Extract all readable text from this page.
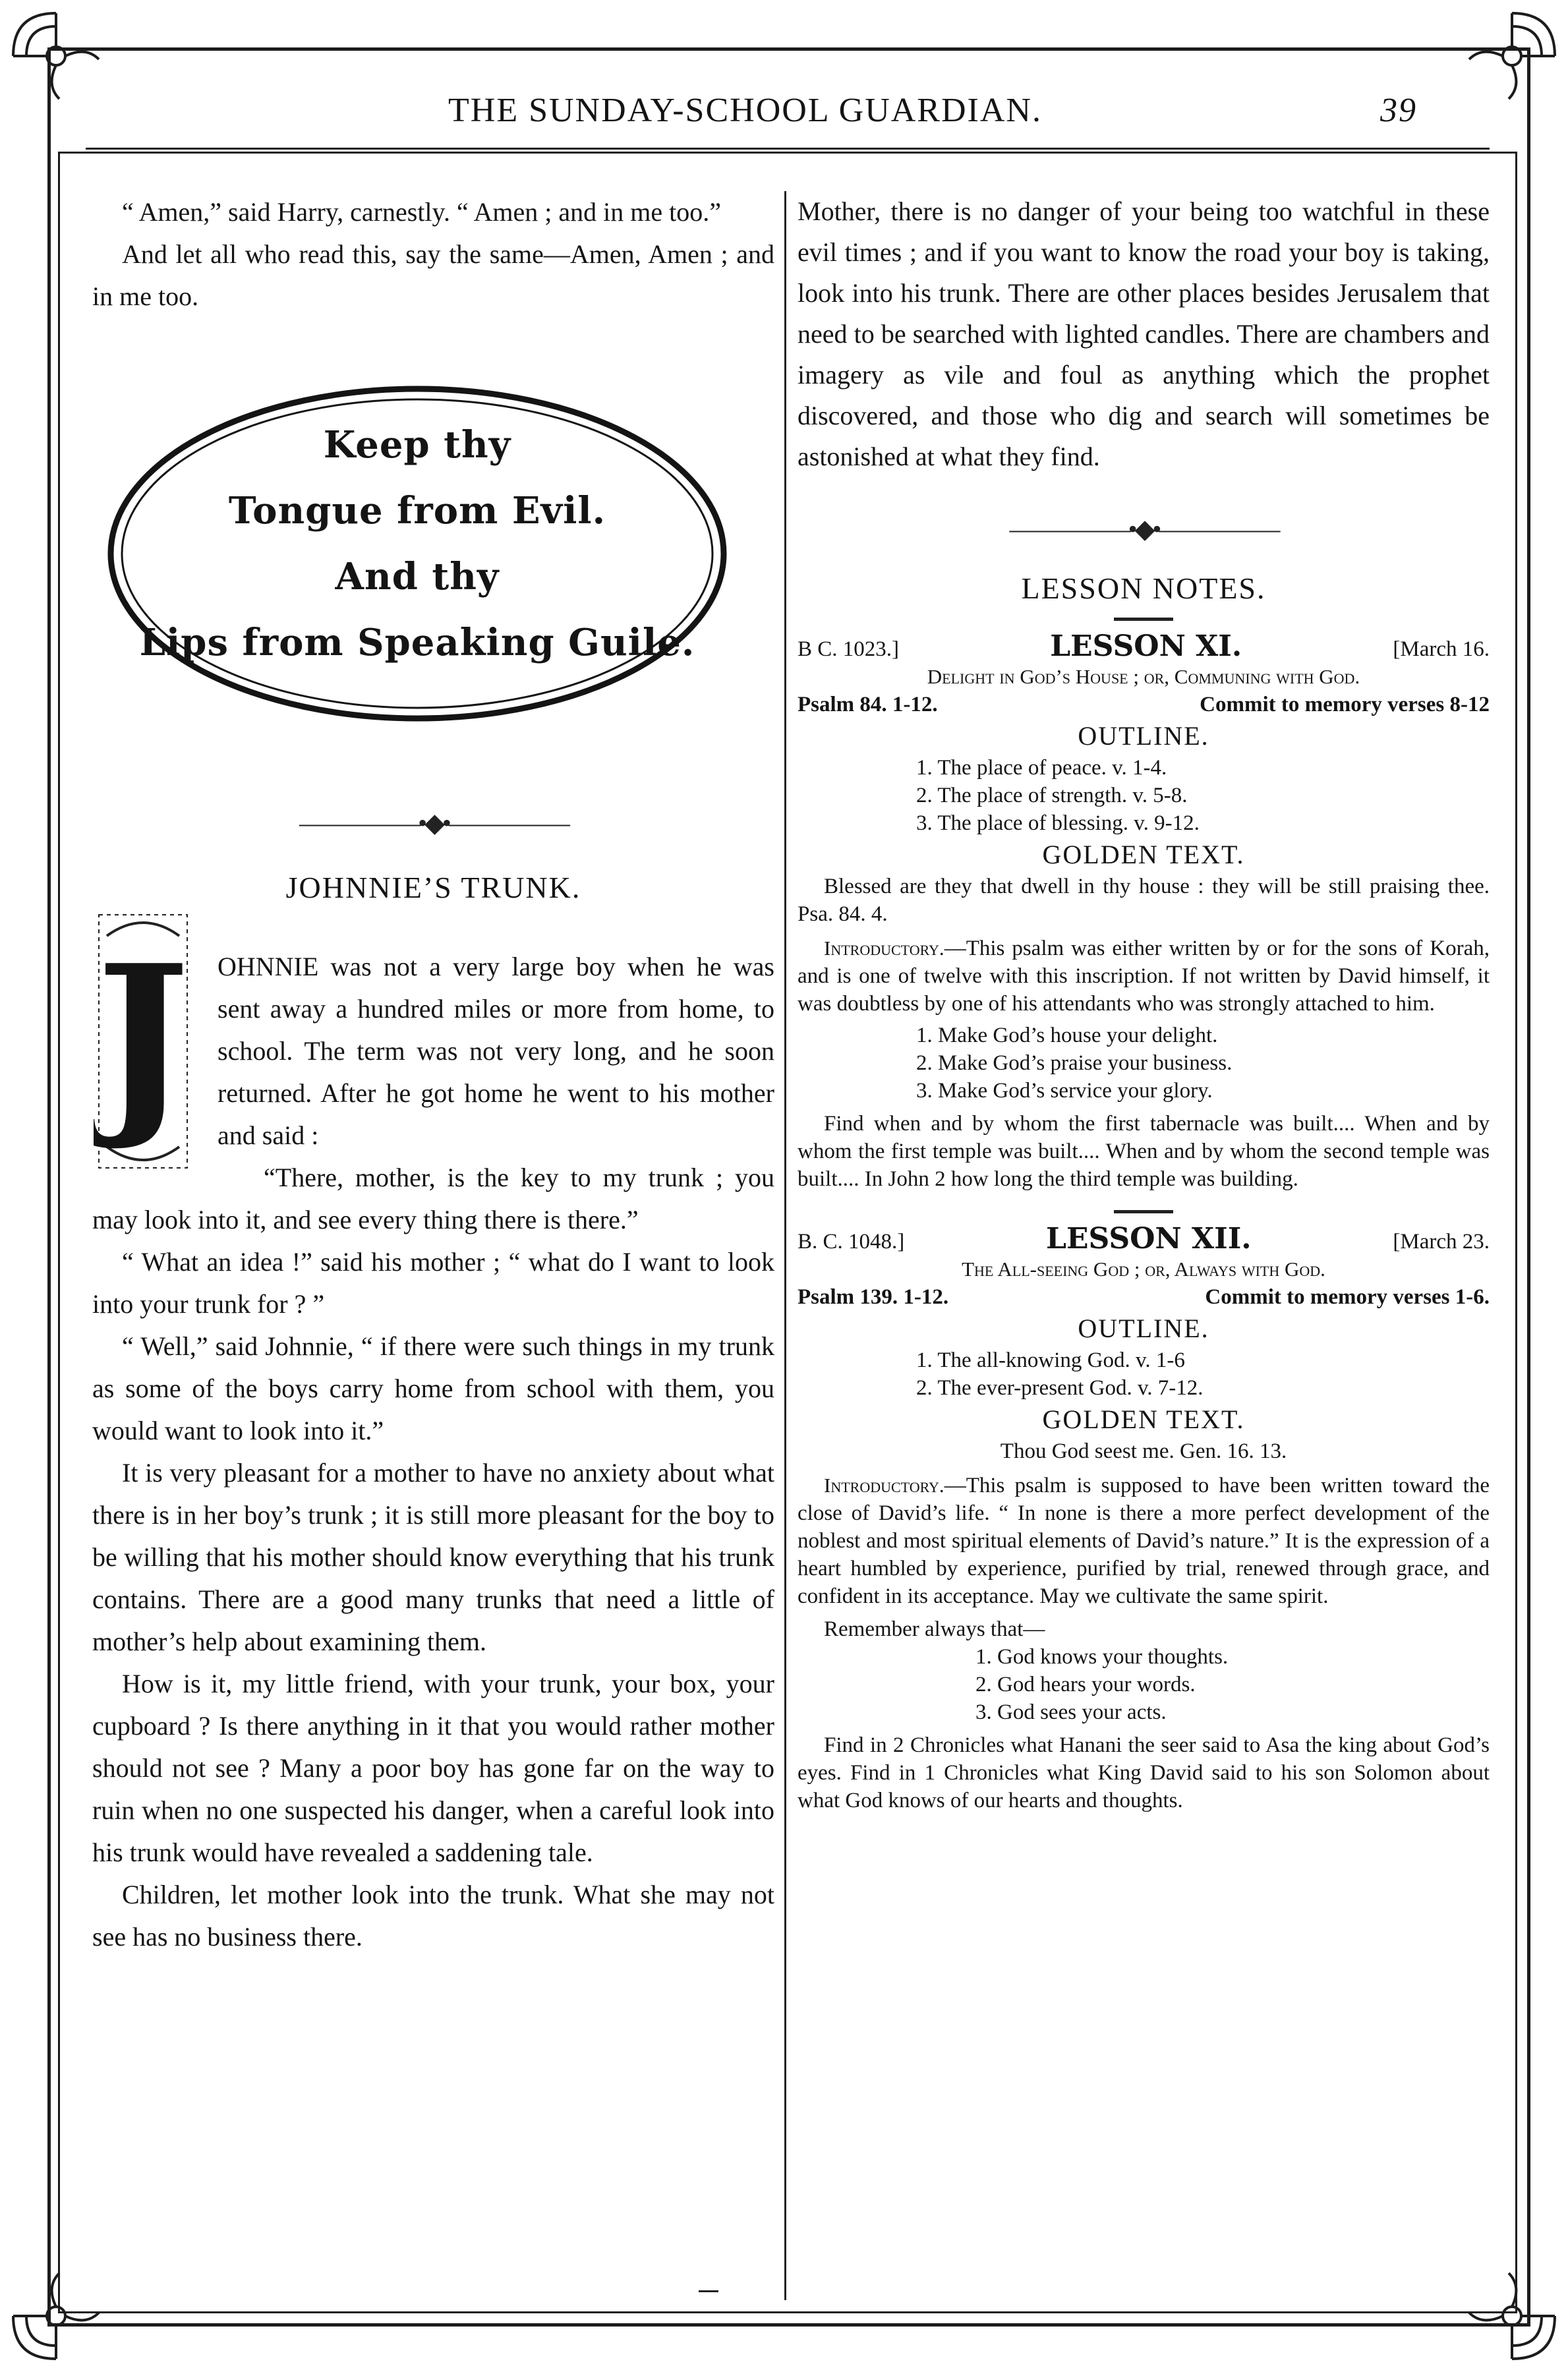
THE SUNDAY-SCHOOL GUARDIAN.	39

“ Amen,” said Harry, carnestly. “ Amen ; and in me too.”

And let all who read this, say the same—Amen, Amen ; and in me too.

Keep thy
Tongue from Evil.
And thy
Lips from Speaking Guile.
―――――•◆•―――――
JOHNNIE’S TRUNK.
J	OHNNIE was not a very large boy when he was sent away a hundred miles or more from home, to school. The term was not very long, and he soon returned. After he got home he went to his mother and said :

“There, mother, is the key to my trunk ; you may look into it, and see every thing there is there.”

“ What an idea !” said his mother ; “ what do I want to look into your trunk for ? ”

“ Well,” said Johnnie, “ if there were such things in my trunk as some of the boys carry home from school with them, you would want to look into it.”

It is very pleasant for a mother to have no anxiety about what there is in her boy’s trunk ; it is still more pleasant for the boy to be willing that his mother should know everything that his trunk contains. There are a good many trunks that need a little of mother’s help about examining them.

How is it, my little friend, with your trunk, your box, your cupboard ? Is there anything in it that you would rather mother should not see ? Many a poor boy has gone far on the way to ruin when no one suspected his danger, when a careful look into his trunk would have revealed a saddening tale.

Children, let mother look into the trunk. What she may not see has no business there.

Mother, there is no danger of your being too watchful in these evil times ; and if you want to know the road your boy is taking, look into his trunk. There are other places besides Jerusalem that need to be searched with lighted candles. There are chambers and imagery as vile and foul as anything which the prophet discovered, and those who dig and search will sometimes be astonished at what they find.

―――――•◆•―――――
LESSON NOTES.
B C. 1023.]	LESSON XI.	[March 16.
Delight in God’s House ; or, Communing with God.
Psalm 84. 1-12.	Commit to memory verses 8-12
OUTLINE.
1. The place of peace. v. 1-4.
2. The place of strength. v. 5-8.
3. The place of blessing. v. 9-12.
GOLDEN TEXT.
Blessed are they that dwell in thy house : they will be still praising thee. Psa. 84. 4.
Introductory.—This psalm was either written by or for the sons of Korah, and is one of twelve with this inscription. If not written by David himself, it was doubtless by one of his attendants who was strongly attached to him.
1. Make God’s house your delight.
2. Make God’s praise your business.
3. Make God’s service your glory.
Find when and by whom the first tabernacle was built.... When and by whom the first temple was built.... When and by whom the second temple was built.... In John 2 how long the third temple was building.
B. C. 1048.]	LESSON XII.	[March 23.
The All-seeing God ; or, Always with God.
Psalm 139. 1-12.	Commit to memory verses 1-6.
OUTLINE.
1. The all-knowing God. v. 1-6
2. The ever-present God. v. 7-12.
GOLDEN TEXT.
Thou God seest me. Gen. 16. 13.
Introductory.—This psalm is supposed to have been written toward the close of David’s life. “ In none is there a more perfect development of the noblest and most spiritual elements of David’s nature.” It is the expression of a heart humbled by experience, purified by trial, renewed through grace, and confident in its acceptance. May we cultivate the same spirit.
Remember always that—
1. God knows your thoughts.
2. God hears your words.
3. God sees your acts.
Find in 2 Chronicles what Hanani the seer said to Asa the king about God’s eyes. Find in 1 Chronicles what King David said to his son Solomon about what God knows of our hearts and thoughts.
